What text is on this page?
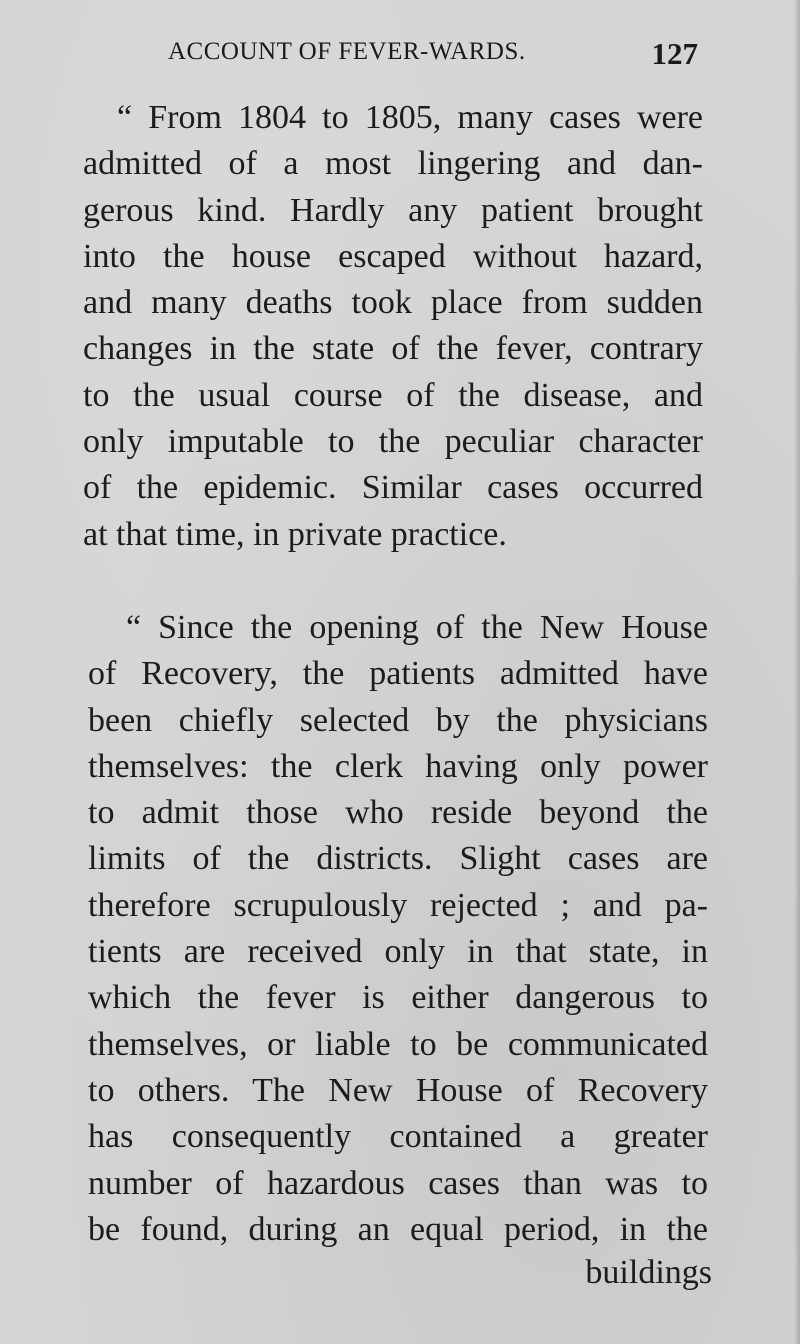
ACCOUNT OF FEVER-WARDS.	127
“ From 1804 to 1805, many cases were
admitted of a most lingering and dan-
gerous kind. Hardly any patient brought
into the house escaped without hazard,
and many deaths took place from sudden
changes in the state of the fever, contrary
to the usual course of the disease, and
only imputable to the peculiar character
of the epidemic. Similar cases occurred
at that time, in private practice.
“ Since the opening of the New House
of Recovery, the patients admitted have
been chiefly selected by the physicians
themselves: the clerk having only power
to admit those who reside beyond the
limits of the districts. Slight cases are
therefore scrupulously rejected ; and pa-
tients are received only in that state, in
which the fever is either dangerous to
themselves, or liable to be communicated
to others. The New House of Recovery
has consequently contained a greater
number of hazardous cases than was to
be found, during an equal period, in the
buildings
